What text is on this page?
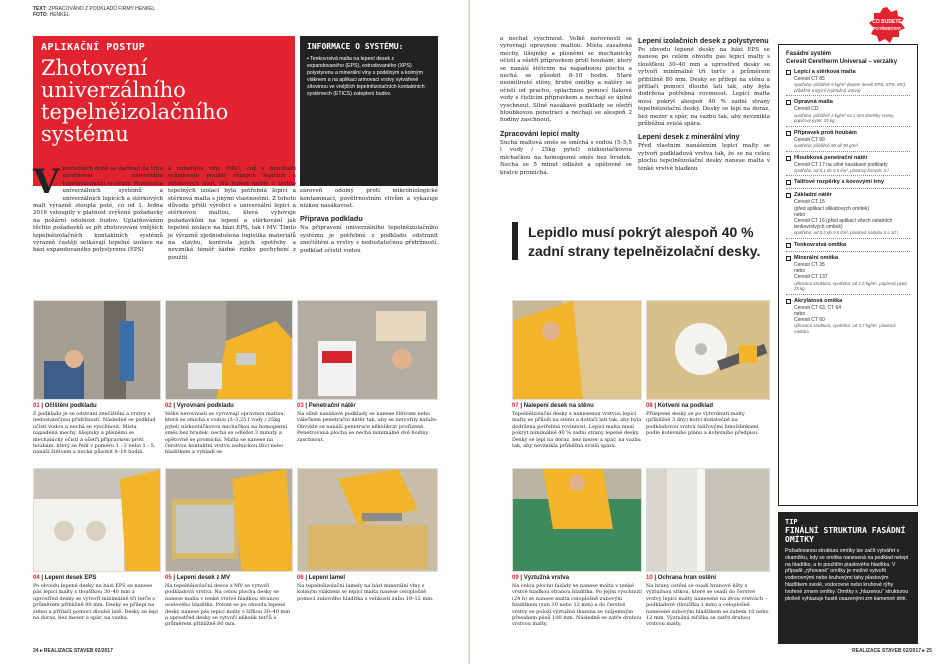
TEXT: ZPRACOVÁNO Z PODKLADŮ FIRMY HENKEL
FOTO: HENKEL
APLIKAČNÍ POSTUP
Zhotovení univerzálního tepelněizolačního systému
INFORMACE O SYSTÉMU:
▪ Tenkovrstvá malta na lepení desek z expandovaného (EPS), extrudovaného (XPS) polystyrenu a minerální vlny s podélným a kolmým vláknem a na aplikaci armovací vrstvy vytvářené sítovinou ve vnějších tepelněizolačních kontaktních systémech (ETICS) zateplení budov.
V posledních době se začínají na trhu uplatňovat univerzální tepelněizolační systémy. Popularita univerzálních systémů a univerzálních lepicích a stěrkových malt výrazně stoupla poté, co od 1. ledna 2016 vstoupily v platnost zvýšené požadavky na požární odolnost budov. Uplatňováním těchto požadavků se při zhotovování vnějších tepelněizolačních kontaktních systémů výrazně častěji setkávají tepelné izolace na bázi expandovaného polystyrenu (EPS)
a minerální vlny (MV), což v minulosti vyžadovalo použití různých lepicích a stěrkových malt. Na lepení každé z těchto tepelných izolací byla potřebná lepicí a stěrková malta s jinými vlastnostmi. Z tohoto důvodu přišli výrobci s univerzální lepicí a stěrkovou maltou, která vyhovuje požadavkům na lepení a stěrkování jak tepelné izolace na bázi EPS, tak i MV. Tímto je výrazně zjednodušena logistika materiálů na stavbu, kontrola jejich spotřeby a nevzniká téměř žádné riziko pochybení z použití
nesprávné lepicí nebo stěrkové malty. Lepicí a stěrková malta je použitelná i na univerzálního vnějšího tepelněizolačního systému, který je zároveň odolný proti mikrobiologické kontaminaci, povětrnostním vlivům a vykazuje nízkou nasákavost.
Příprava podkladu
Na připravení univerzálního tepelněizolačního systému je potřebné z podkladu odstranit znečištění a vrstvy s nedostatečnou přídržností, podklad očistit vodou
01 | Očištění podkladu
Z podkladu je se odstraní znečištění a vrstvy s nedostatečnou přídržností. Následně se podklad očistí vodou a nechá se vyschnout. Místa napadená mechy, lišejníky a plísněmi se mechanicky očistí a ošetří přípravkem proti houbám, který se ředí v poměru 1 : 2 nebo 1 : 5, nanáší štětcem a nechá působit 8–10 hodin.
02 | Vyrovnání podkladu
Velké nerovnosti se vyrovnají opravnou maltou, která se smíchá s vodou (3–3,25 l vody / 25kg pytel) nízkootáčkovou míchačkou na homogenní směs bez hrudek, nechá se odležet 3 minuty a opětovně se promíchá. Malta se nanese na čerstvou kontaktní vrstvu zednickou lžící nebo hladítkem a vyhladí se.
03 | Penetrační nátěr
Na silně nasákavé podklady se nanese štětcem nebo válečkem penetrační nátěr tak, aby se netvořily kaluže. Obvykle se nanáší penetrace několikrát prořízené. Penetrovaná plocha se nechá minimálně dvě hodiny zaschnout.
04 | Lepení desek EPS
Po obvodu lepené desky na bázi EPS se nanese pás lepicí malty s tloušťkou 30–40 mm a uprostřed desky se vytvoří minimálně tři terče s průměrem přibližně 80 mm. Desky se přilepí na stěnu a přitlačí pomocí dlouhé latě. Desky se lepí na doraz, bez mezer a spár, na vazbu.
05 | Lepení desek z MV
Na tepelněizolační desce z MV se vytvoří podkladová vrstva. Na celou plochu desky se nanese malta v tenké vrstvě hladkou stranou ocelového hladítka. Potom se po obvodu lepené desky nanese pás lepicí malty s šířkou 30–40 mm a uprostřed desky se vytvoří několik terčů s průměrem přibližně 80 mm.
06 | Lepení lamel
Na tepelněizolační lamely na bázi minerální vlny s kolmým vláknem se lepicí malta nanese celoplošně pomocí zubového hladítka s velikostí zubu 10–12 mm.
24 ▸ REALIZACE STAVEB 02/2017
a nechat vyschnout. Velké nerovnosti se vyrovnají opravnou maltou. Místa zasažená mechy, lišejníky a plísněmi se mechanicky očistí a ošetří přípravkem proti houbám, který se nanáší štětcem na napadenou plochu a nechá se působit 8–10 hodin. Staré neomítnuté stěny, hrubé omítky a nátěry se očistí od prachu, oplachnou pomocí tlakové vody s čisticím přípravkem a nechají se úplně vyschnout. Silně nasákavé podklady se ošetří hloubkovou penetrací a nechají se alespoň 2 hodiny zaschnout.
Zpracování lepicí malty
Suchá maltová směs se smíchá s vodou (5–5,5 l vody / 25kg pytel) nízkootáčkovou míchačkou na homogenní směs bez hrudek. Nechá se 5 minut odležet a opětovně se krátce promíchá.
Lepení izolačních desek z polystyrenu
Po obvodu lepené desky na bázi EPS se nanese po celém obvodu pás lepicí malty s tloušťkou 30–40 mm a uprostřed desky se vytvoří minimálně tři terče s průměrem přibližně 80 mm. Desky se přilepí na stěnu a přitlačí pomocí dlouhé lati tak, aby byla dodržena potřebná rovinnost. Lepicí malta musí pokrýt alespoň 40 % zadní strany tepelněizolační desky. Desky se lepí na dorаz, bez mezer a spár, na vazbu tak, aby nevznikla průběžná svislá spára.
Lepení desek z minerální vlny
Před vlastním nanášením lepicí malty se vytvoří podkladová vrstva tak, že se na celou plochu tepelněizolační desky nanese malta v tenké vrstvě hladkou
Lepidlo musí pokrýt alespoň 40 % zadní strany tepelněizolační desky.
07 | Nalepení desek na stěnu
Tepelněizolační desky s nanesenou vrstvou lepicí malty se přiloží na stěnu a dotlačí latí tak, aby byla dodržena potřebná rovinnost. Lepicí malta musí pokrýt minimálně 40 % zadní strany lepené desky. Desky se lepí na doraz, bez mezer a spár, na vazbu tak, aby nevznikla průběžná svislá spára.
08 | Kotvení na podklad
Přilepené desky se po vytvrdnutí malty (přibližně 3 dny) kotví dodatečně na podkladovou vrstvu talířovými hmoždinkami podle kotevního plánu a kotevního předpisu.
09 | Výztužná vrstva
Na celou plochu fasády se nanese malta v tenké vrstvě hladkou stranou hladítka. Po jejím vyschnutí (24 h) se nanese malta celoplošně zubovým hladítkem (zub 10 nebo 12 mm) a do čerstvé vrstvy se položí výztužná tkanina se vzájemným přesahem pásů 100 mm. Následně se zatře druhou vrstvou malty.
10 | Ochrana hran ostění
Na hrany ostění se osadí hranové lišty s výztužnou sítkou, které se osadí do čerstvé vrstvy lepicí malty nanesené na dvou vrstvách – podkladové (tloušťka 1 mm) a celoplošně nanesené zubovým hladítkem se zubem 10 nebo 12 mm. Výztužná mřížka se zatře druhou vrstvou malty.
CO BUDETE
POTŘEBOVAT
Fasádní systém
Ceresit Ceretherm Universal – verzálky
Lepicí a stěrková malta
Ceresit CT 85
spotřeba: přibližně 5 kg/m² (lepení desek EPS, XPS, MV), přibližně 4 kg/m² (výztužná vrstva)
Opravná malta
Ceresit CD
spotřeba: přibližně 2 kg/m² na 1 mm tloušťky vrstvy, papírový pytel, 25 kg
Přípravek proti houbám
Ceresit CT 99
spotřeba: přibližně 80 až 90 g/m²
Hloubková penetrační nátěr
Ceresit CT 17 na silně nasákavé podklady
spotřeba: od 0,1 do 0,5 l/m², plastový kanystr, 5 l
Talířové rozpěrky s kovovými trny
Základní nátěr
Ceresit CT 15
(před aplikací silikátových omítek)
nebo
Ceresit CT 16 (před aplikací všech ostatních tenkovrstvých omítek)
spotřeba: od 0,2 do 0,5 l/m², plastová nádoba 5 a 10 l
Tenkovrstvá omítka
Minerální omítka
Ceresit CT 35
nebo
Ceresit CT 137
rýhovaná struktura, spotřeba: od 2,5 kg/m², papírový pytel, 25 kg
Akrylátová omítka
Ceresit CT 63, CT 64
nebo
Ceresit CT 60
rýhovaná struktura, spotřeba: od 3,7 kg/m², plastová nádoba
TIP
FINÁLNÍ STRUKTURA FASÁDNÍ OMÍTKY
Požadovanou strukturu omítky lze začít vytvářet v okamžiku, kdy se omítka nanesená na podklad nelepí na hladítko, a to použitím plastového hladítka. V případě „rýhované“ omítky je možné vytvořit vodorovnými nebo kruhovými tahy plastovým hladítkem svislé, vodorovné nebo kruhové rýhy tvořené zrnem omítky. Omítky s „hlazenou“ strukturou plošně vyhlazuje hustě osazenými zrn kamenné drtě.
REALIZACE STAVEB 02/2017 ▸ 25
